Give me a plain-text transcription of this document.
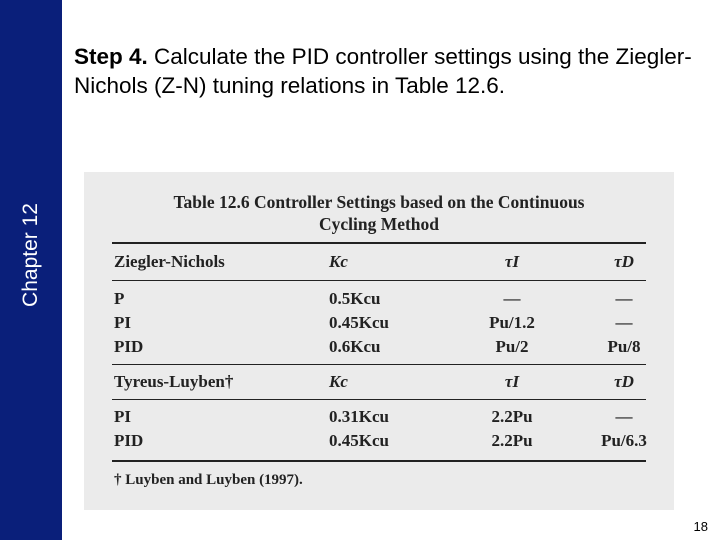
Chapter 12
Step 4. Calculate the PID controller settings using the Ziegler-Nichols (Z-N) tuning relations in Table 12.6.
Table 12.6 Controller Settings based on the Continuous
Cycling Method
Ziegler-Nichols	Kc	τI	τD
P	0.5Kcu	—	—
PI	0.45Kcu	Pu/1.2	—
PID	0.6Kcu	Pu/2	Pu/8
Tyreus-Luyben†	Kc	τI	τD
PI	0.31Kcu	2.2Pu	—
PID	0.45Kcu	2.2Pu	Pu/6.3
† Luyben and Luyben (1997).
18
